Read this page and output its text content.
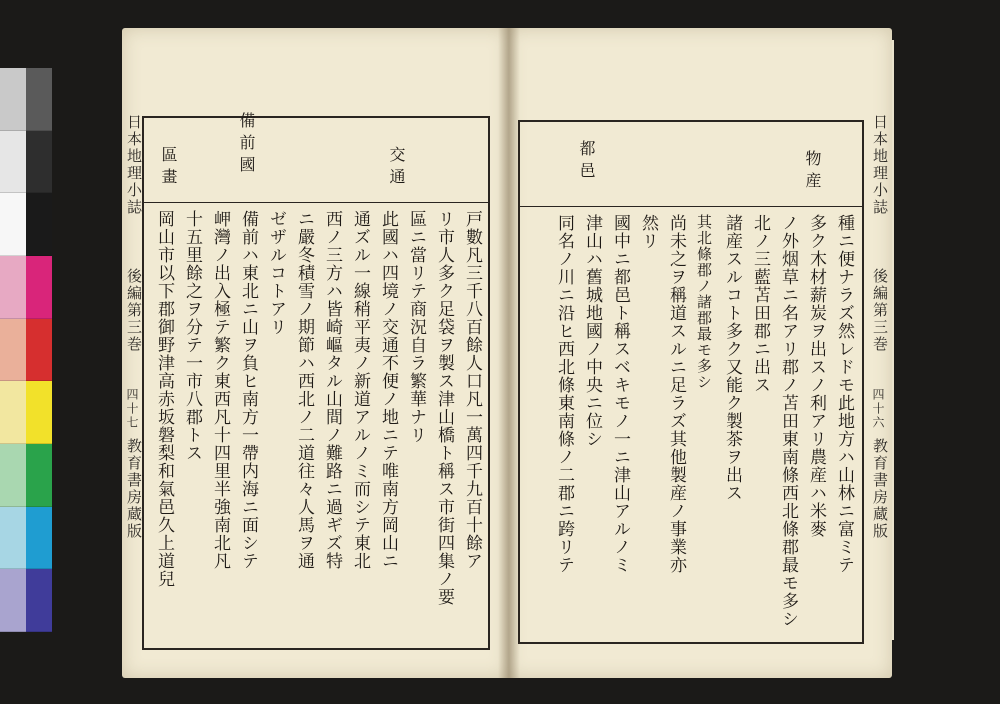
日本地理小誌
後編第三巻
四十七
教育書房蔵版
備前國	交通
區畫
戸數凡三千八百餘人口凡一萬四千九百十餘ア
リ市人多ク足袋ヲ製ス津山橋ト稱ス市街四集ノ要
區ニ當リテ商況自ラ繁華ナリ
此國ハ四境ノ交通不便ノ地ニテ唯南方岡山ニ
通ズル一線稍平夷ノ新道アルノミ而シテ東北
西ノ三方ハ皆崎嶇タル山間ノ難路ニ過ギズ特
ニ嚴冬積雪ノ期節ハ西北ノ二道往々人馬ヲ通
ゼザルコトアリ
備前ハ東北ニ山ヲ負ヒ南方一帶内海ニ面シテ
岬灣ノ出入極テ繁ク東西凡十四里半強南北凡
十五里餘之ヲ分テ一市八郡トス
岡山市以下郡御野津高赤坂磐梨和氣邑久上道兒
物産
都邑
種ニ便ナラズ然レドモ此地方ハ山林ニ富ミテ
多ク木材薪炭ヲ出スノ利アリ農産ハ米麥
ノ外烟草ニ名アリ郡ノ苫田東南條西北條郡最モ多シ
北ノ三藍苫田郡ニ出ス
諸産スルコト多ク又能ク製茶ヲ出ス
其北條郡ノ諸郡最モ多シ
尚未之ヲ稱道スルニ足ラズ其他製産ノ事業亦
然リ
國中ニ都邑ト稱スベキモノ一ニ津山アルノミ
津山ハ舊城地國ノ中央ニ位シ
同名ノ川ニ沿ヒ西北條東南條ノ二郡ニ跨リテ
日本地理小誌
後編第三巻
四十六
教育書房蔵版
